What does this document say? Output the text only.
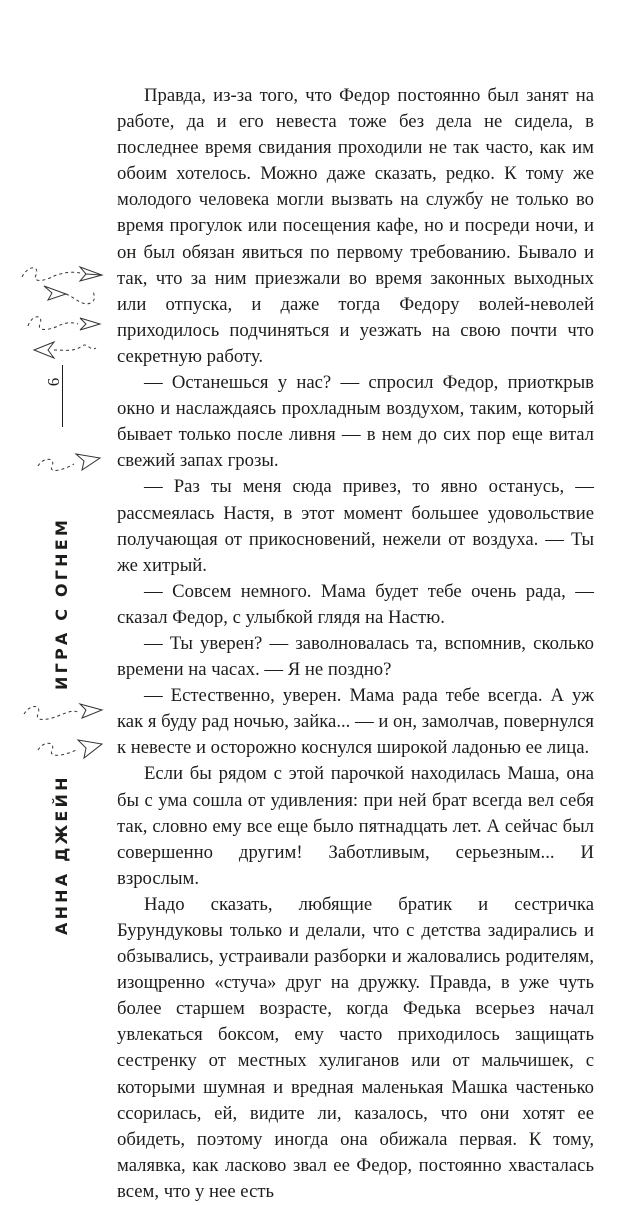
6
ИГРА С ОГНЕМ
АННА ДЖЕЙН

Правда, из-за того, что Федор постоянно был занят на работе, да и его невеста тоже без дела не сидела, в последнее время свидания проходили не так часто, как им обоим хотелось. Можно даже сказать, редко. К тому же молодого человека могли вызвать на службу не только во время прогулок или посещения кафе, но и посреди ночи, и он был обязан явиться по первому требованию. Бывало и так, что за ним приезжали во время законных выходных или отпуска, и даже тогда Федору волей-неволей приходилось подчиняться и уезжать на свою почти что секретную работу.

— Останешься у нас? — спросил Федор, приоткрыв окно и наслаждаясь прохладным воздухом, таким, который бывает только после ливня — в нем до сих пор еще витал свежий запах грозы.

— Раз ты меня сюда привез, то явно останусь, — рассмеялась Настя, в этот момент большее удовольствие получающая от прикосновений, нежели от воздуха. — Ты же хитрый.

— Совсем немного. Мама будет тебе очень рада, — сказал Федор, с улыбкой глядя на Настю.

— Ты уверен? — заволновалась та, вспомнив, сколько времени на часах. — Я не поздно?

— Естественно, уверен. Мама рада тебе всегда. А уж как я буду рад ночью, зайка... — и он, замолчав, повернулся к невесте и осторожно коснулся широкой ладонью ее лица.

Если бы рядом с этой парочкой находилась Маша, она бы с ума сошла от удивления: при ней брат всегда вел себя так, словно ему все еще было пятнадцать лет. А сейчас был совершенно другим! Заботливым, серьезным... И взрослым.

Надо сказать, любящие братик и сестричка Бурундуковы только и делали, что с детства задирались и обзывались, устраивали разборки и жаловались родителям, изощренно «стуча» друг на дружку. Правда, в уже чуть более старшем возрасте, когда Федька всерьез начал увлекаться боксом, ему часто приходилось защищать сестренку от местных хулиганов или от мальчишек, с которыми шумная и вредная маленькая Машка частенько ссорилась, ей, видите ли, казалось, что они хотят ее обидеть, поэтому иногда она обижала первая. К тому, малявка, как ласково звал ее Федор, постоянно хвасталась всем, что у нее есть
